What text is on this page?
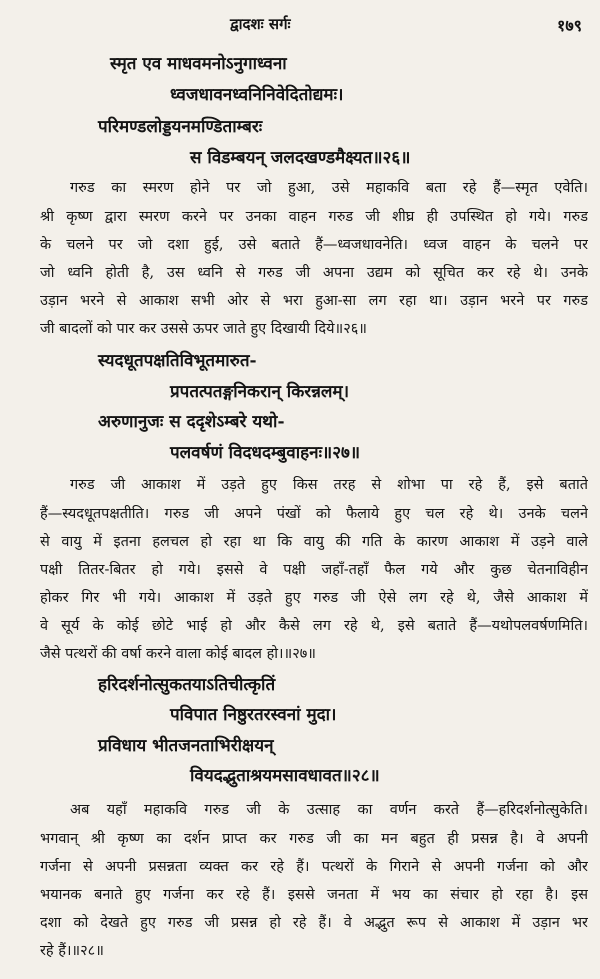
द्वादशः सर्गः	१७९
स्मृत एव माधवमनोऽनुगाध्वना
ध्वजधावनध्वनिनिवेदितोद्यमः।
परिमण्डलोड्डयनमण्डिताम्बरः
स विडम्बयन् जलदखण्डमैक्ष्यत॥२६॥
गरुड का स्मरण होने पर जो हुआ, उसे महाकवि बता रहे हैं—स्मृत एवेति।
श्री कृष्ण द्वारा स्मरण करने पर उनका वाहन गरुड जी शीघ्र ही उपस्थित हो गये। गरुड
के चलने पर जो दशा हुई, उसे बताते हैं—ध्वजधावनेति। ध्वज वाहन के चलने पर
जो ध्वनि होती है, उस ध्वनि से गरुड जी अपना उद्यम को सूचित कर रहे थे। उनके
उड़ान भरने से आकाश सभी ओर से भरा हुआ-सा लग रहा था। उड़ान भरने पर गरुड
जी बादलों को पार कर उससे ऊपर जाते हुए दिखायी दिये॥२६॥
स्यदधूतपक्षतिविभूतमारुत-
प्रपतत्पतङ्गनिकरान् किरन्नलम्।
अरुणानुजः स ददृशेऽम्बरे यथो-
पलवर्षणं विदधदम्बुवाहनः॥२७॥
गरुड जी आकाश में उड़ते हुए किस तरह से शोभा पा रहे हैं, इसे बताते
हैं—स्यदधूतपक्षतीति। गरुड जी अपने पंखों को फैलाये हुए चल रहे थे। उनके चलने
से वायु में इतना हलचल हो रहा था कि वायु की गति के कारण आकाश में उड़ने वाले
पक्षी तितर-बितर हो गये। इससे वे पक्षी जहाँ-तहाँ फैल गये और कुछ चेतनाविहीन
होकर गिर भी गये। आकाश में उड़ते हुए गरुड जी ऐसे लग रहे थे, जैसे आकाश में
वे सूर्य के कोई छोटे भाई हो और कैसे लग रहे थे, इसे बताते हैं—यथोपलवर्षणमिति।
जैसे पत्थरों की वर्षा करने वाला कोई बादल हो।॥२७॥
हरिदर्शनोत्सुकतयाऽतिचीत्कृतिं
पविपात निष्ठुरतरस्वनां मुदा।
प्रविधाय भीतजनताभिरीक्षयन्
वियदद्भुताश्रयमसावधावत॥२८॥
अब यहाँ महाकवि गरुड जी के उत्साह का वर्णन करते हैं—हरिदर्शनोत्सुकेति।
भगवान् श्री कृष्ण का दर्शन प्राप्त कर गरुड जी का मन बहुत ही प्रसन्न है। वे अपनी
गर्जना से अपनी प्रसन्नता व्यक्त कर रहे हैं। पत्थरों के गिराने से अपनी गर्जना को और
भयानक बनाते हुए गर्जना कर रहे हैं। इससे जनता में भय का संचार हो रहा है। इस
दशा को देखते हुए गरुड जी प्रसन्न हो रहे हैं। वे अद्भुत रूप से आकाश में उड़ान भर
रहे हैं।॥२८॥
